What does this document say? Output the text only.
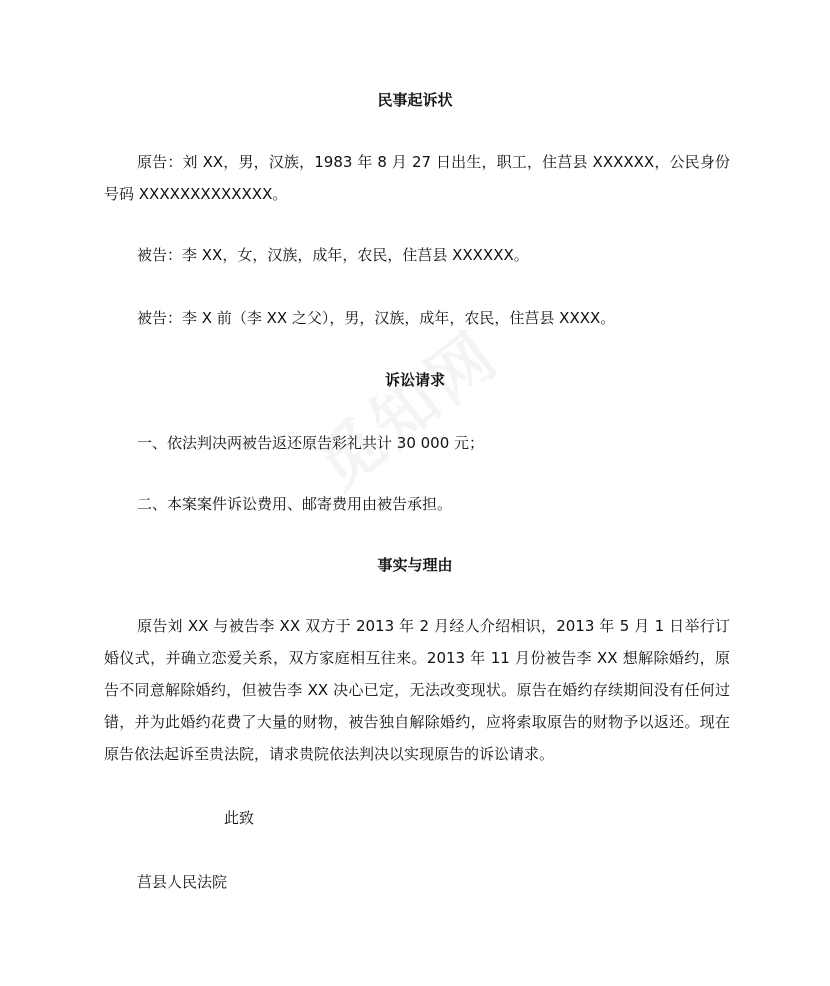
民事起诉状
原告：刘 XX，男，汉族，1983 年 8 月 27 日出生，职工，住莒县 XXXXXX，公民身份号码 XXXXXXXXXXXXX。
被告：李 XX，女，汉族，成年，农民，住莒县 XXXXXX。
被告：李 X 前（李 XX 之父），男，汉族，成年，农民，住莒县 XXXX。
诉讼请求
一、依法判决两被告返还原告彩礼共计 30 000 元；
二、本案案件诉讼费用、邮寄费用由被告承担。
事实与理由
原告刘 XX 与被告李 XX 双方于 2013 年 2 月经人介绍相识，2013 年 5 月 1 日举行订婚仪式，并确立恋爱关系，双方家庭相互往来。2013 年 11 月份被告李 XX 想解除婚约，原告不同意解除婚约，但被告李 XX 决心已定，无法改变现状。原告在婚约存续期间没有任何过错，并为此婚约花费了大量的财物，被告独自解除婚约，应将索取原告的财物予以返还。现在原告依法起诉至贵法院，请求贵院依法判决以实现原告的诉讼请求。
此致
莒县人民法院
